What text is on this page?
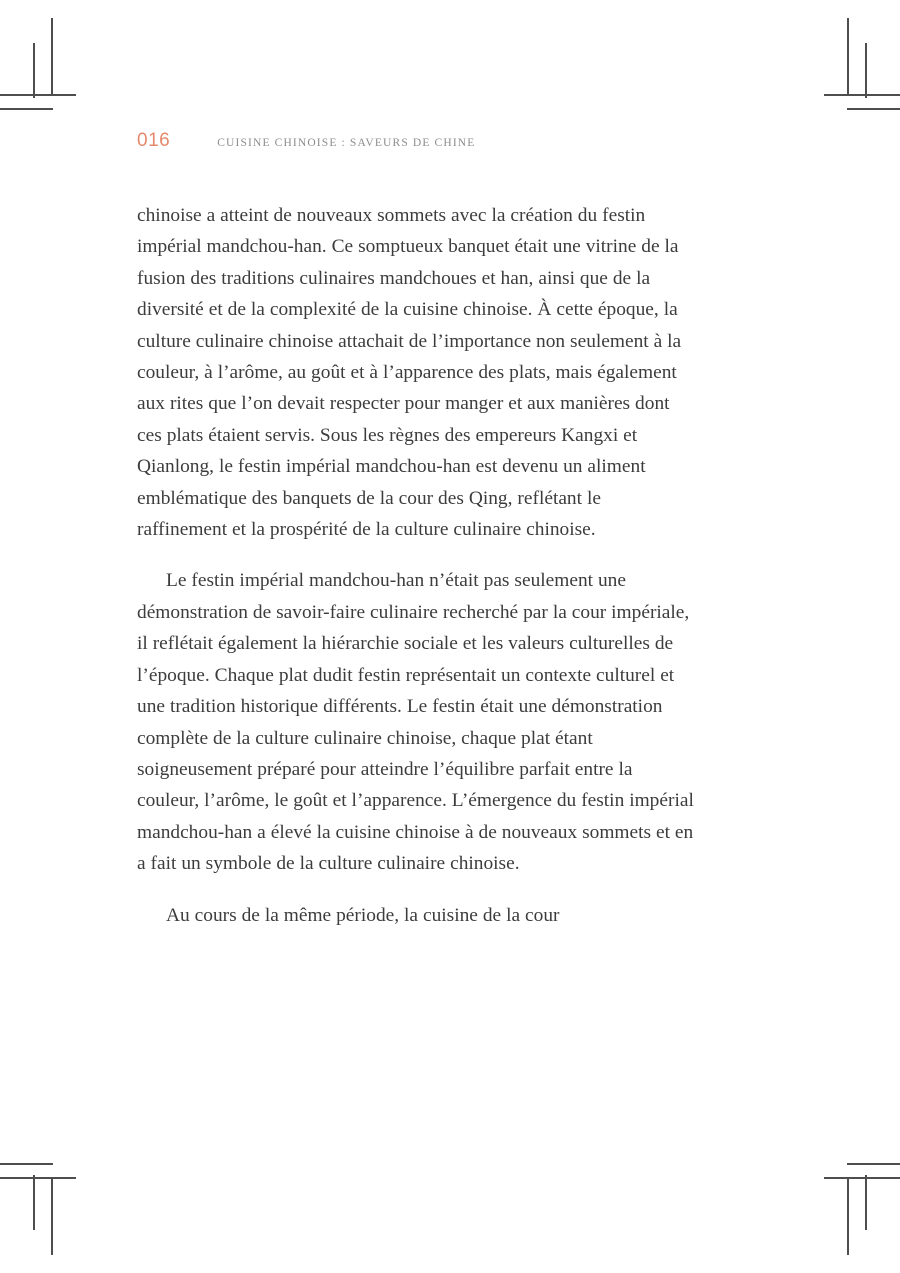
016	CUISINE CHINOISE : SAVEURS DE CHINE

chinoise a atteint de nouveaux sommets avec la création du festin impérial mandchou-han. Ce somptueux banquet était une vitrine de la fusion des traditions culinaires mandchoues et han, ainsi que de la diversité et de la complexité de la cuisine chinoise. À cette époque, la culture culinaire chinoise attachait de l’importance non seulement à la couleur, à l’arôme, au goût et à l’apparence des plats, mais également aux rites que l’on devait respecter pour manger et aux manières dont ces plats étaient servis. Sous les règnes des empereurs Kangxi et Qianlong, le festin impérial mandchou-han est devenu un aliment emblématique des banquets de la cour des Qing, reflétant le raffinement et la prospérité de la culture culinaire chinoise.

Le festin impérial mandchou-han n’était pas seulement une démonstration de savoir-faire culinaire recherché par la cour impériale, il reflétait également la hiérarchie sociale et les valeurs culturelles de l’époque. Chaque plat dudit festin représentait un contexte culturel et une tradition historique différents. Le festin était une démonstration complète de la culture culinaire chinoise, chaque plat étant soigneusement préparé pour atteindre l’équilibre parfait entre la couleur, l’arôme, le goût et l’apparence. L’émergence du festin impérial mandchou-han a élevé la cuisine chinoise à de nouveaux sommets et en a fait un symbole de la culture culinaire chinoise.

Au cours de la même période, la cuisine de la cour
